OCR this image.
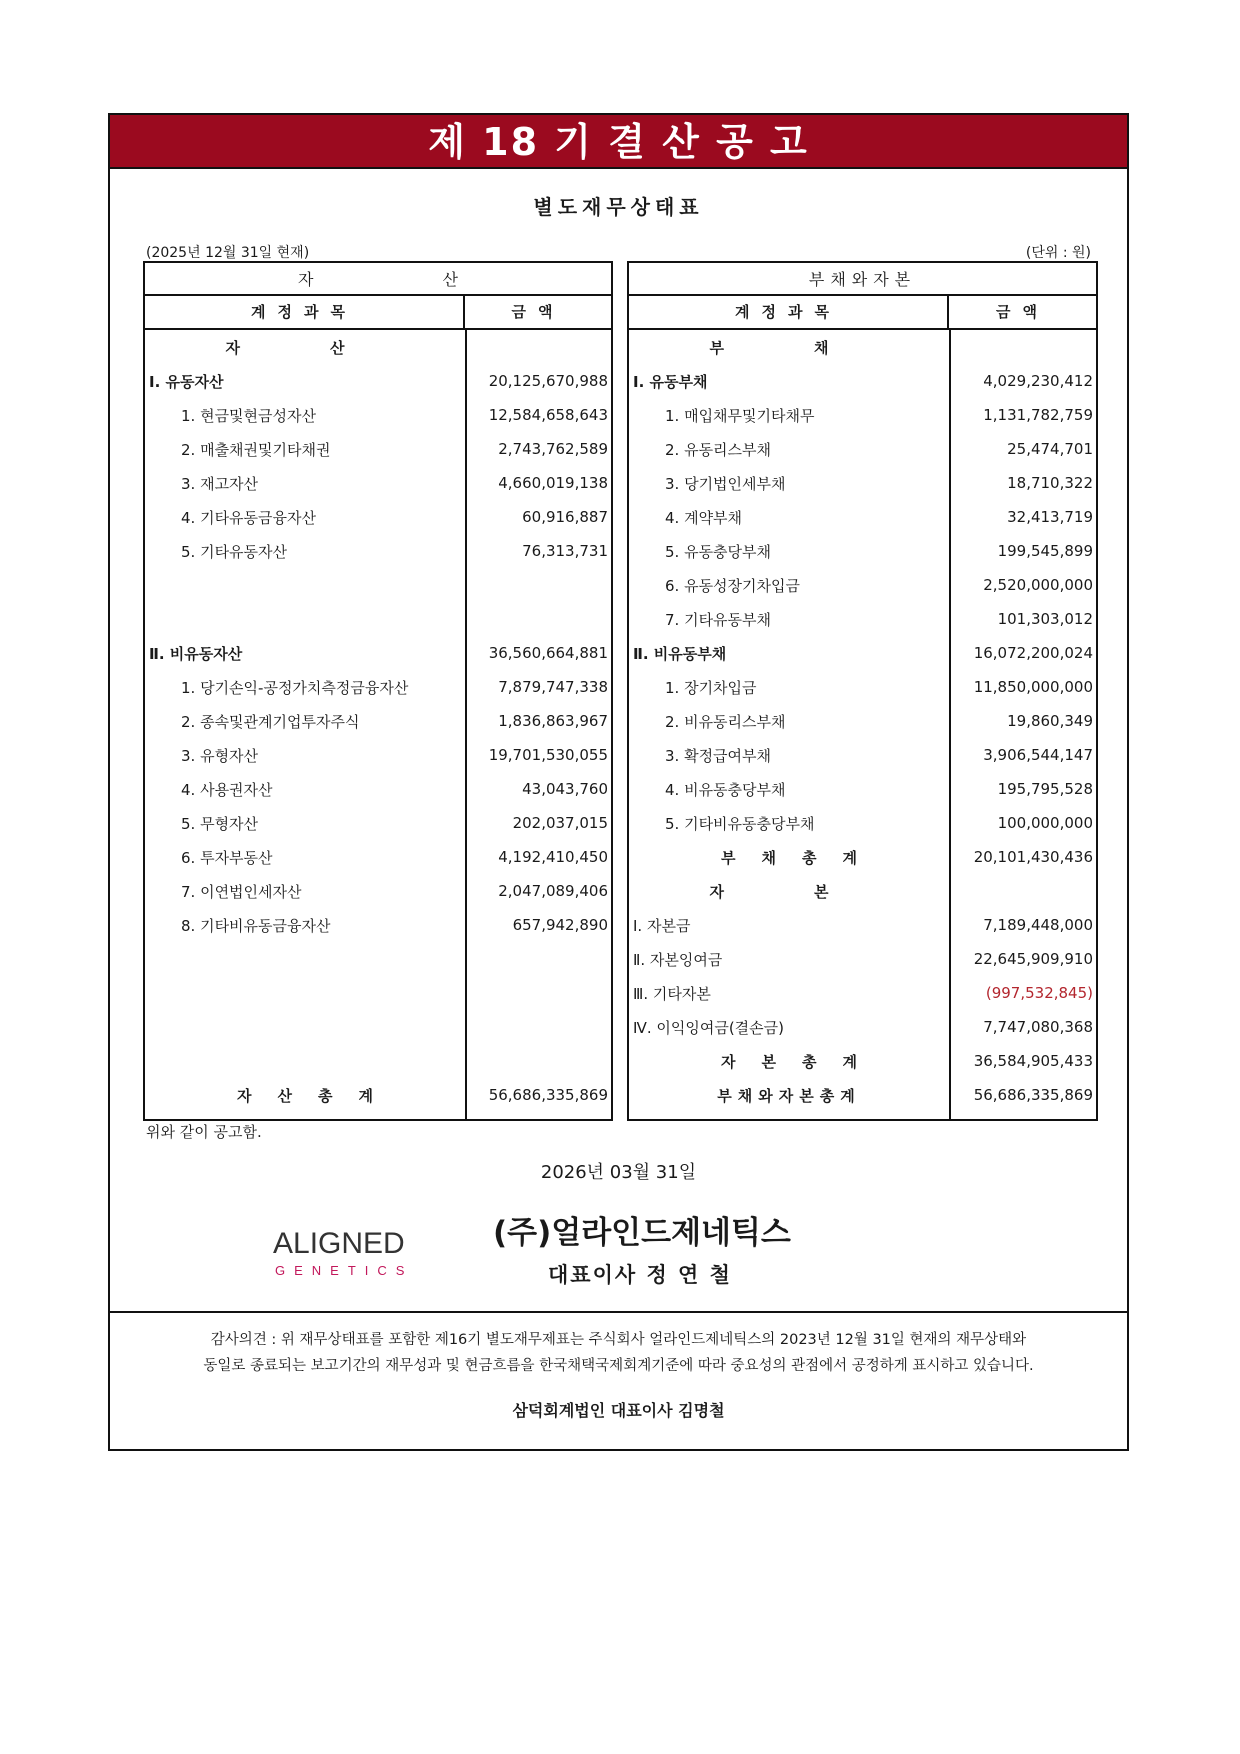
제 18 기 결 산 공 고
별도재무상태표
(2025년 12월 31일 현재)	(단위 : 원)
자 산
계정과목	금액
자산
Ⅰ. 유동자산	20,125,670,988
1. 현금및현금성자산	12,584,658,643
2. 매출채권및기타채권	2,743,762,589
3. 재고자산	4,660,019,138
4. 기타유동금융자산	60,916,887
5. 기타유동자산	76,313,731
Ⅱ. 비유동자산	36,560,664,881
1. 당기손익-공정가치측정금융자산	7,879,747,338
2. 종속및관계기업투자주식	1,836,863,967
3. 유형자산	19,701,530,055
4. 사용권자산	43,043,760
5. 무형자산	202,037,015
6. 투자부동산	4,192,410,450
7. 이연법인세자산	2,047,089,406
8. 기타비유동금융자산	657,942,890
자산총계	56,686,335,869
부채와자본
계정과목	금액
부채
Ⅰ. 유동부채	4,029,230,412
1. 매입채무및기타채무	1,131,782,759
2. 유동리스부채	25,474,701
3. 당기법인세부채	18,710,322
4. 계약부채	32,413,719
5. 유동충당부채	199,545,899
6. 유동성장기차입금	2,520,000,000
7. 기타유동부채	101,303,012
Ⅱ. 비유동부채	16,072,200,024
1. 장기차입금	11,850,000,000
2. 비유동리스부채	19,860,349
3. 확정급여부채	3,906,544,147
4. 비유동충당부채	195,795,528
5. 기타비유동충당부채	100,000,000
부채총계	20,101,430,436
자본
Ⅰ. 자본금	7,189,448,000
Ⅱ. 자본잉여금	22,645,909,910
Ⅲ. 기타자본	(997,532,845)
Ⅳ. 이익잉여금(결손금)	7,747,080,368
자본총계	36,584,905,433
부채와자본총계	56,686,335,869
위와 같이 공고함.
2026년 03월 31일
ALIGNED
GENETICS
(주)얼라인드제네틱스
대표이사 정 연 철
감사의견 : 위 재무상태표를 포함한 제16기 별도재무제표는 주식회사 얼라인드제네틱스의 2023년 12월 31일 현재의 재무상태와
동일로 종료되는 보고기간의 재무성과 및 현금흐름을 한국채택국제회계기준에 따라 중요성의 관점에서 공정하게 표시하고 있습니다.
삼덕회계법인 대표이사 김명철
